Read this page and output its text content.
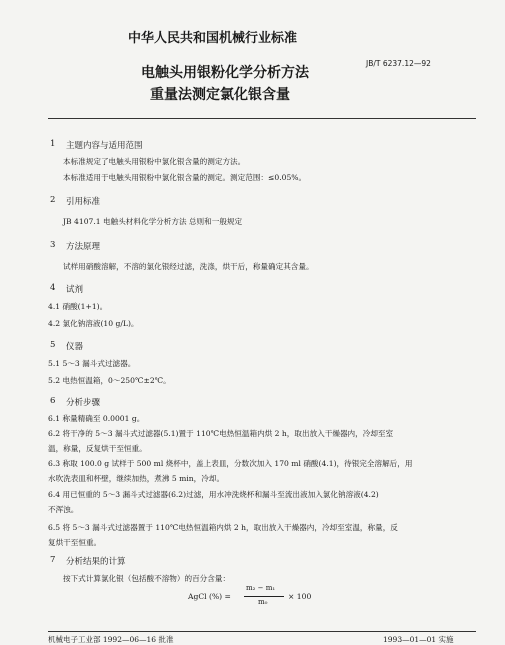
中华人民共和国机械行业标准
JB/T 6237.12—92
电触头用银粉化学分析方法
重量法测定氯化银含量
1 主题内容与适用范围
本标准规定了电触头用银粉中氯化银含量的测定方法。
本标准适用于电触头用银粉中氯化银含量的测定。测定范围：≤0.05%。
2 引用标准
JB 4107.1 电触头材料化学分析方法 总则和一般规定
3 方法原理
试样用硝酸溶解，不溶的氯化银经过滤，洗涤，烘干后，称量确定其含量。
4 试剂
4.1 硝酸(1+1)。
4.2 氯化钠溶液(10 g/L)。
5 仪器
5.1 5～3 漏斗式过滤器。
5.2 电热恒温箱，0～250℃±2℃。
6 分析步骤
6.1 称量精确至 0.0001 g。
6.2 将干净的 5～3 漏斗式过滤器(5.1)置于 110℃电热恒温箱内烘 2 h，取出放入干燥器内，冷却至室
温，称量，反复烘干至恒重。
6.3 称取 100.0 g 试样于 500 ml 烧杯中，盖上表皿，分数次加入 170 ml 硝酸(4.1)，待银完全溶解后，用
水吹洗表皿和杯壁，继续加热，煮沸 5 min，冷却。
6.4 用已恒重的 5～3 漏斗式过滤器(6.2)过滤，用水冲洗烧杯和漏斗至流出液加入氯化钠溶液(4.2)
不浑浊。
6.5 将 5～3 漏斗式过滤器置于 110℃电热恒温箱内烘 2 h，取出放入干燥器内，冷却至室温，称量，反
复烘干至恒重。
7 分析结果的计算
按下式计算氯化银（包括酸不溶物）的百分含量：
AgCl (%) =
m₂ − m₁
m₀
× 100
机械电子工业部 1992—06—16 批准	1993—01—01 实施
